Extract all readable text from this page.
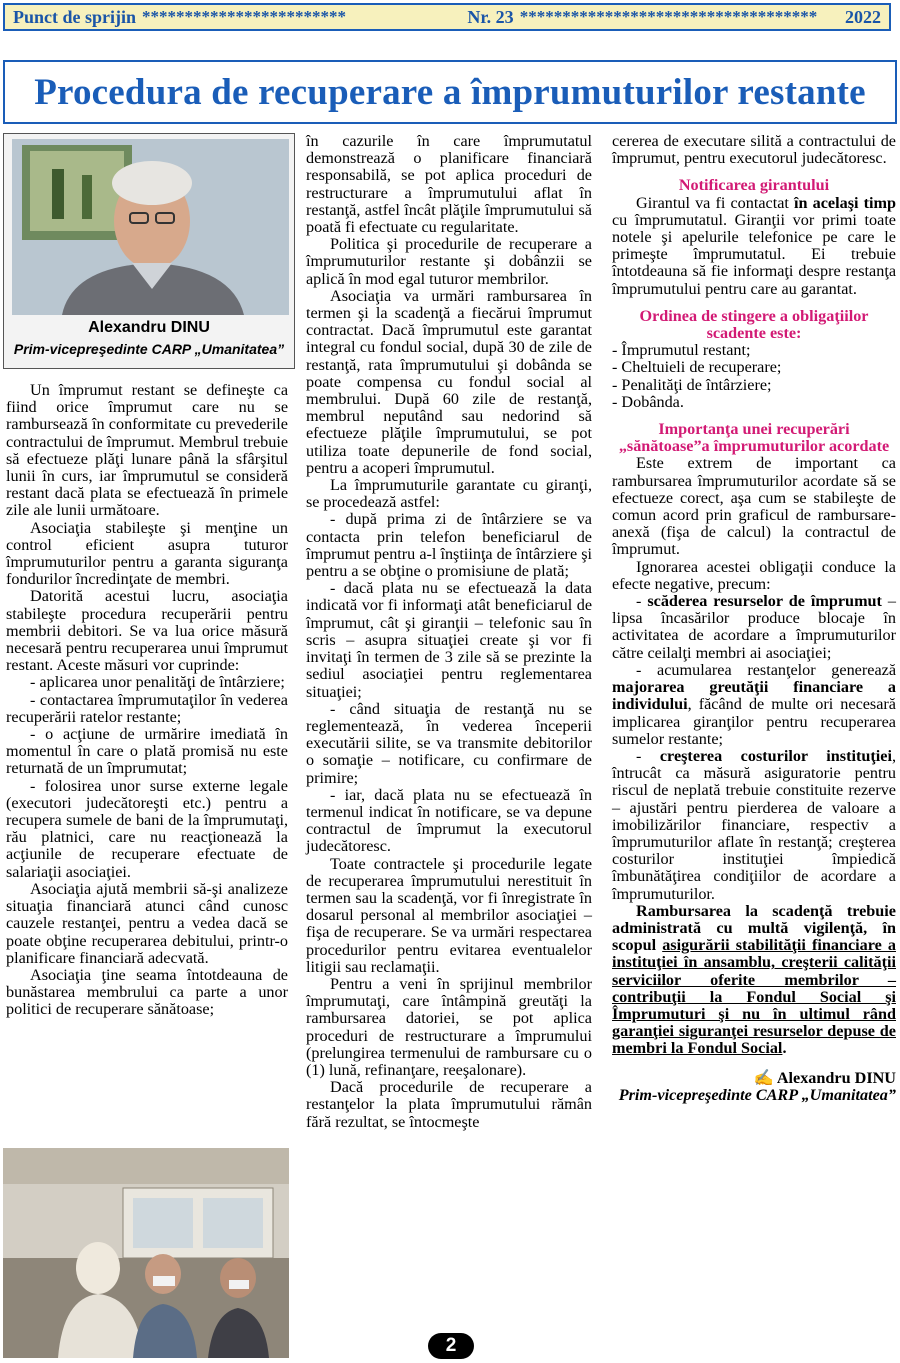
Punct de sprijin ************************	Nr. 23 ***********************************	2022
Procedura de recuperare a împrumuturilor restante
Alexandru DINU
Prim-vicepreşedinte CARP „Umanitatea”

Un împrumut restant se defineşte ca fiind orice împrumut care nu se rambursează în conformitate cu prevederile contractului de împrumut. Membrul trebuie să efectueze plăţi lunare până la sfârşitul lunii în curs, iar împrumutul se consideră restant dacă plata se efectuează în primele zile ale lunii următoare.

Asociaţia stabileşte şi menţine un control eficient asupra tuturor împrumuturilor pentru a garanta siguranţa fondurilor încredinţate de membri.

Datorită acestui lucru, asociaţia stabileşte procedura recuperării pentru membrii debitori. Se va lua orice măsură necesară pentru recuperarea unui împrumut restant. Aceste măsuri vor cuprinde:

- aplicarea unor penalităţi de întârziere;

- contactarea împrumutaţilor în vederea recuperării ratelor restante;

- o acţiune de urmărire imediată în momentul în care o plată promisă nu este returnată de un împrumutat;

- folosirea unor surse externe legale (executori judecătoreşti etc.) pentru a recupera sumele de bani de la împrumutaţi, rău platnici, care nu reacţionează la acţiunile de recuperare efectuate de salariaţii asociaţiei.

Asociaţia ajută membrii să-şi analizeze situaţia financiară atunci când cunosc cauzele restanţei, pentru a vedea dacă se poate obţine recuperarea debitului, printr-o planificare financiară adecvată.

Asociaţia ţine seama întotdeauna de bunăstarea membrului ca parte a unor politici de recuperare sănătoase;

în cazurile în care împrumutatul demonstrează o planificare financiară responsabilă, se pot aplica proceduri de restructurare a împrumutului aflat în restanţă, astfel încât plăţile împrumutului să poată fi efectuate cu regularitate.

Politica şi procedurile de recuperare a împrumuturilor restante şi dobânzii se aplică în mod egal tuturor membrilor.

Asociaţia va urmări rambursarea în termen şi la scadenţă a fiecărui împrumut contractat. Dacă împrumutul este garantat integral cu fondul social, după 30 de zile de restanţă, rata împrumutului şi dobânda se poate compensa cu fondul social al membrului. După 60 zile de restanţă, membrul neputând sau nedorind să efectueze plăţile împrumutului, se pot utiliza toate depunerile de fond social, pentru a acoperi împrumutul.

La împrumuturile garantate cu giranţi, se procedează astfel:

- după prima zi de întârziere se va contacta prin telefon beneficiarul de împrumut pentru a-l înştiinţa de întârziere şi pentru a se obţine o promisiune de plată;

- dacă plata nu se efectuează la data indicată vor fi informaţi atât beneficiarul de împrumut, cât şi giranţii – telefonic sau în scris – asupra situaţiei create şi vor fi invitaţi în termen de 3 zile să se prezinte la sediul asociaţiei pentru reglementarea situaţiei;

- când situaţia de restanţă nu se reglementează, în vederea începerii executării silite, se va transmite debitorilor o somaţie – notificare, cu confirmare de primire;

- iar, dacă plata nu se efectuează în termenul indicat în notificare, se va depune contractul de împrumut la executorul judecătoresc.

Toate contractele şi procedurile legate de recuperarea împrumutului nerestituit în termen sau la scadenţă, vor fi înregistrate în dosarul personal al membrilor asociaţiei – fişa de recuperare. Se va urmări respectarea procedurilor pentru evitarea eventualelor litigii sau reclamaţii.

Pentru a veni în sprijinul membrilor împrumutaţi, care întâmpină greutăţi la rambursarea datoriei, se pot aplica proceduri de restructurare a împrumului (prelungirea termenului de rambursare cu o (1) lună, refinanţare, reeşalonare).

Dacă procedurile de recuperare a restanţelor la plata împrumutului rămân fără rezultat, se întocmeşte

cererea de executare silită a contractului de împrumut, pentru executorul judecătoresc.

Notificarea girantului

Girantul va fi contactat în acelaşi timp cu împrumutatul. Giranţii vor primi toate notele şi apelurile telefonice pe care le primeşte împrumutatul. Ei trebuie întotdeauna să fie informaţi despre restanţa împrumutului pentru care au garantat.

Ordinea de stingere a obligaţiilor scadente este:

- Împrumutul restant;

- Cheltuieli de recuperare;

- Penalităţi de întârziere;

- Dobânda.

Importanţa unei recuperări „sănătoase”a împrumuturilor acordate

Este extrem de important ca rambursarea împrumuturilor acordate să se efectueze corect, aşa cum se stabileşte de comun acord prin graficul de rambursare-anexă (fişa de calcul) la contractul de împrumut.

Ignorarea acestei obligaţii conduce la efecte negative, precum:

- scăderea resurselor de împrumut – lipsa încasărilor produce blocaje în activitatea de acordare a împrumuturilor către ceilalţi membri ai asociaţiei;

- acumularea restanţelor generează majorarea greutăţii financiare a individului, făcând de multe ori necesară implicarea giranţilor pentru recuperarea sumelor restante;

- creşterea costurilor instituţiei, întrucât ca măsură asiguratorie pentru riscul de neplată trebuie constituite rezerve – ajustări pentru pierderea de valoare a imobilizărilor financiare, respectiv a împrumuturilor aflate în restanţă; creşterea costurilor instituţiei împiedică îmbunătăţirea condiţiilor de acordare a împrumuturilor.

Rambursarea la scadenţă trebuie administrată cu multă vigilenţă, în scopul asigurării stabilităţii financiare a instituţiei în ansamblu, creşterii calităţii serviciilor oferite membrilor – contribuţii la Fondul Social şi Împrumuturi şi nu în ultimul rând garanţiei siguranţei resurselor depuse de membri la Fondul Social.

✍ Alexandru DINU
Prim-vicepreşedinte CARP „Umanitatea”
2
